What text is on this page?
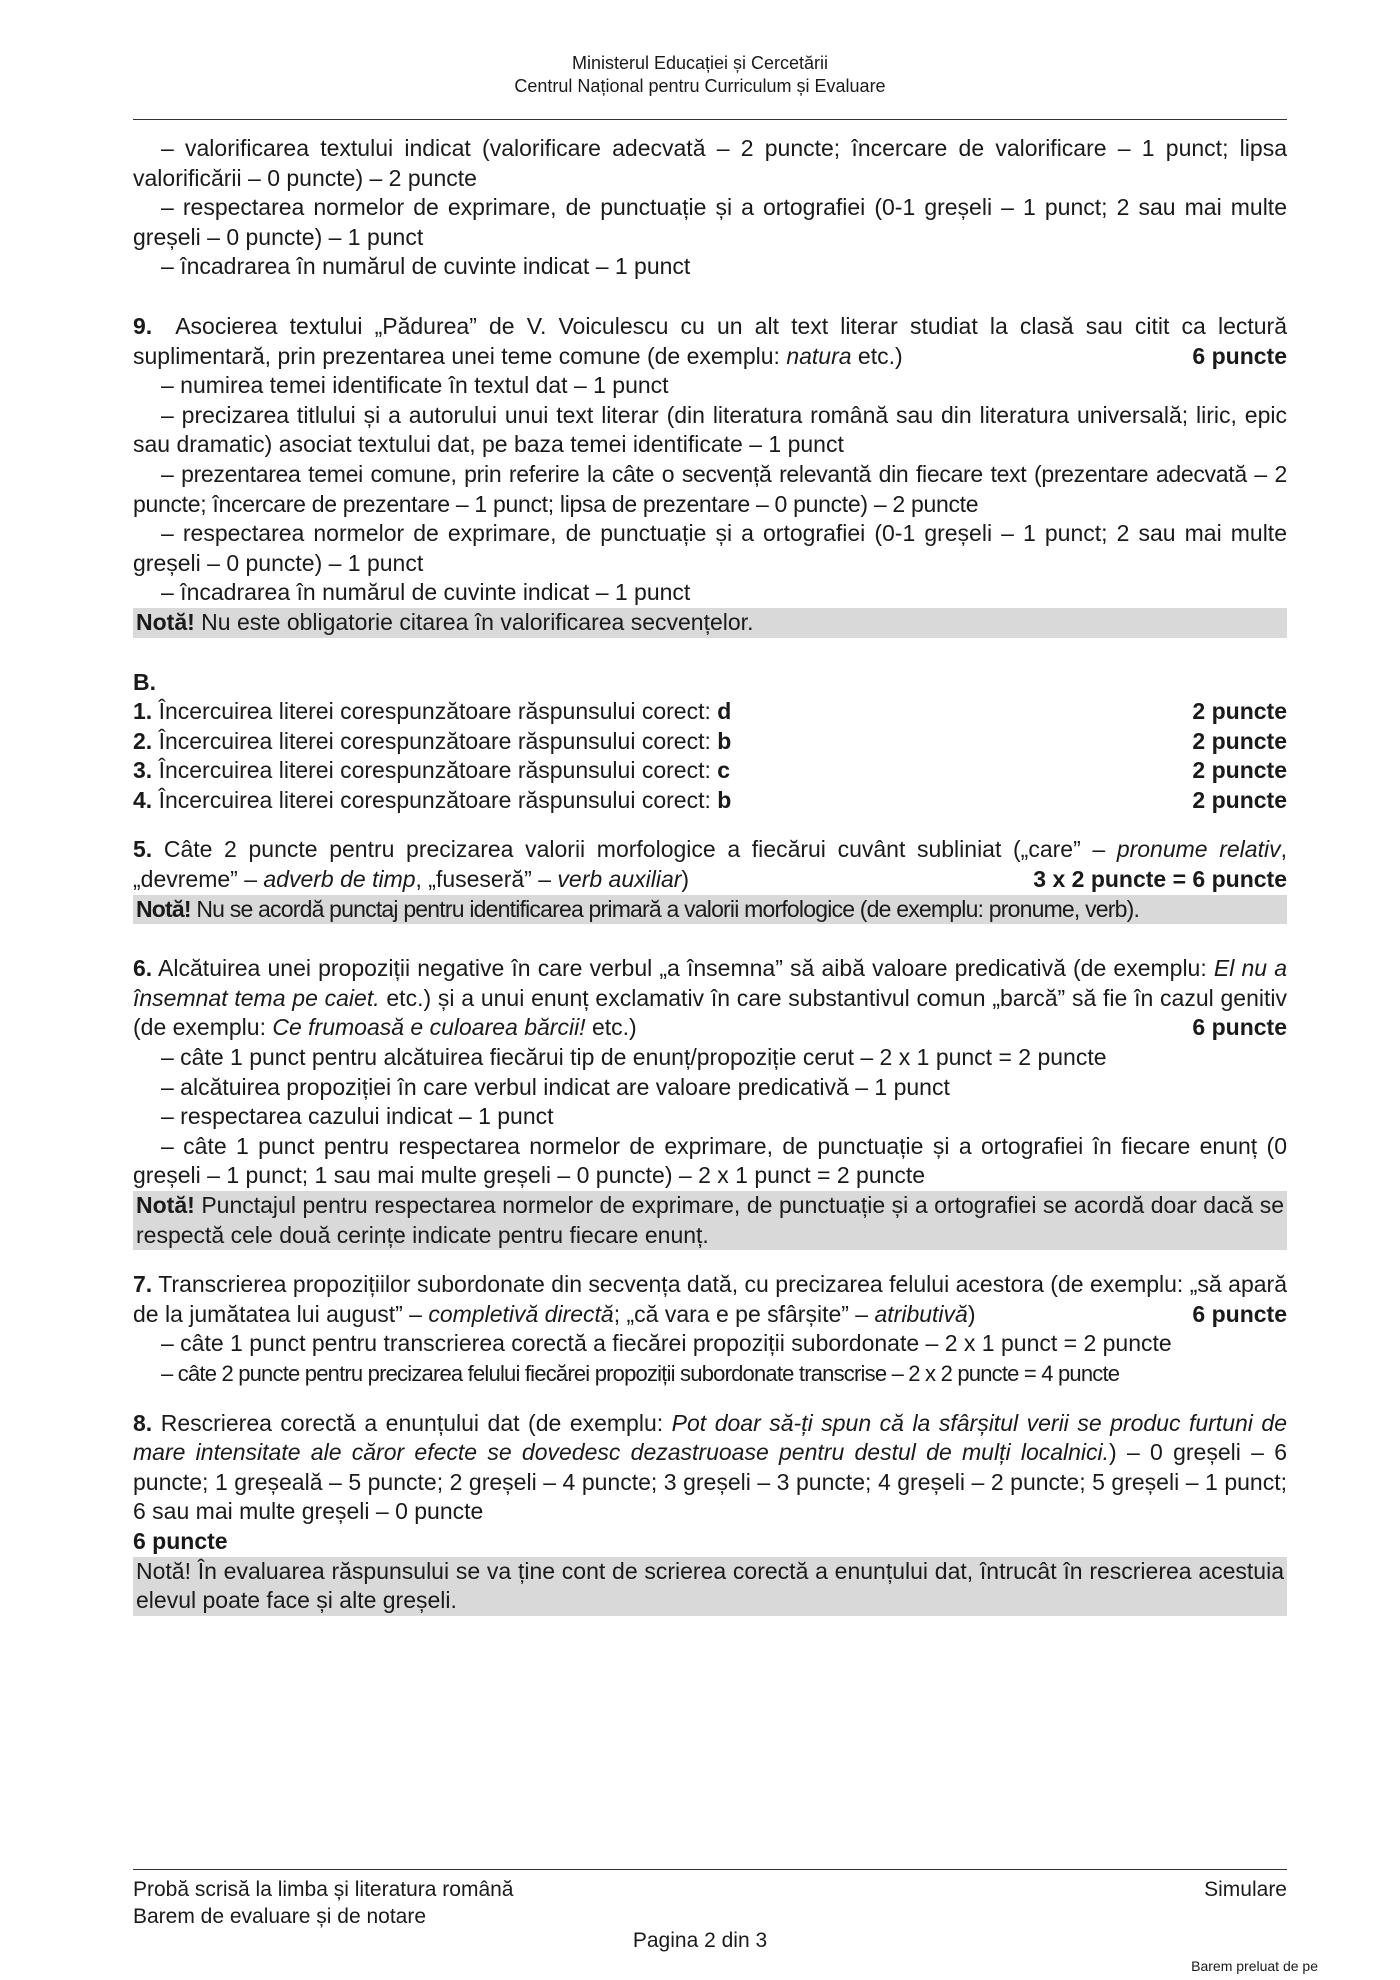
Ministerul Educației și Cercetării
Centrul Național pentru Curriculum și Evaluare

– valorificarea textului indicat (valorificare adecvată – 2 puncte; încercare de valorificare – 1 punct; lipsa valorificării – 0 puncte) – 2 puncte

– respectarea normelor de exprimare, de punctuație și a ortografiei (0-1 greșeli – 1 punct; 2 sau mai multe greșeli – 0 puncte) – 1 punct

– încadrarea în numărul de cuvinte indicat – 1 punct

9. Asocierea textului „Pădurea” de V. Voiculescu cu un alt text literar studiat la clasă sau citit ca lectură suplimentară, prin prezentarea unei teme comune (de exemplu: natura etc.)	6 puncte

– numirea temei identificate în textul dat – 1 punct

– precizarea titlului și a autorului unui text literar (din literatura română sau din literatura universală; liric, epic sau dramatic) asociat textului dat, pe baza temei identificate – 1 punct

– prezentarea temei comune, prin referire la câte o secvență relevantă din fiecare text (prezentare adecvată – 2 puncte; încercare de prezentare – 1 punct; lipsa de prezentare – 0 puncte) – 2 puncte

– respectarea normelor de exprimare, de punctuație și a ortografiei (0-1 greșeli – 1 punct; 2 sau mai multe greșeli – 0 puncte) – 1 punct

– încadrarea în numărul de cuvinte indicat – 1 punct

Notă! Nu este obligatorie citarea în valorificarea secvențelor.

B.

1. Încercuirea literei corespunzătoare răspunsului corect: d	2 puncte
2. Încercuirea literei corespunzătoare răspunsului corect: b	2 puncte
3. Încercuirea literei corespunzătoare răspunsului corect: c	2 puncte
4. Încercuirea literei corespunzătoare răspunsului corect: b	2 puncte

5. Câte 2 puncte pentru precizarea valorii morfologice a fiecărui cuvânt subliniat („care” – pronume relativ, „devreme” – adverb de timp, „fuseseră” – verb auxiliar)	3 x 2 puncte = 6 puncte

Notă! Nu se acordă punctaj pentru identificarea primară a valorii morfologice (de exemplu: pronume, verb).

6. Alcătuirea unei propoziții negative în care verbul „a însemna” să aibă valoare predicativă (de exemplu: El nu a însemnat tema pe caiet. etc.) și a unui enunț exclamativ în care substantivul comun „barcă” să fie în cazul genitiv (de exemplu: Ce frumoasă e culoarea bărcii! etc.)	6 puncte

– câte 1 punct pentru alcătuirea fiecărui tip de enunț/propoziție cerut – 2 x 1 punct = 2 puncte

– alcătuirea propoziției în care verbul indicat are valoare predicativă – 1 punct

– respectarea cazului indicat – 1 punct

– câte 1 punct pentru respectarea normelor de exprimare, de punctuație și a ortografiei în fiecare enunț (0 greșeli – 1 punct; 1 sau mai multe greșeli – 0 puncte) – 2 x 1 punct = 2 puncte

Notă! Punctajul pentru respectarea normelor de exprimare, de punctuație și a ortografiei se acordă doar dacă se respectă cele două cerințe indicate pentru fiecare enunț.

7. Transcrierea propozițiilor subordonate din secvența dată, cu precizarea felului acestora (de exemplu: „să apară de la jumătatea lui august” – completivă directă; „că vara e pe sfârșite” – atributivă)	6 puncte

– câte 1 punct pentru transcrierea corectă a fiecărei propoziții subordonate – 2 x 1 punct = 2 puncte

– câte 2 puncte pentru precizarea felului fiecărei propoziții subordonate transcrise – 2 x 2 puncte = 4 puncte

8. Rescrierea corectă a enunțului dat (de exemplu: Pot doar să-ți spun că la sfârșitul verii se produc furtuni de mare intensitate ale căror efecte se dovedesc dezastruoase pentru destul de mulți localnici.) – 0 greșeli – 6 puncte; 1 greșeală – 5 puncte; 2 greșeli – 4 puncte; 3 greșeli – 3 puncte; 4 greșeli – 2 puncte; 5 greșeli – 1 punct; 6 sau mai multe greșeli – 0 puncte

6 puncte

Notă! În evaluarea răspunsului se va ține cont de scrierea corectă a enunțului dat, întrucât în rescrierea acestuia elevul poate face și alte greșeli.

Probă scrisă la limba și literatura română	Simulare
Barem de evaluare și de notare
Pagina 2 din 3
Barem preluat de pe
